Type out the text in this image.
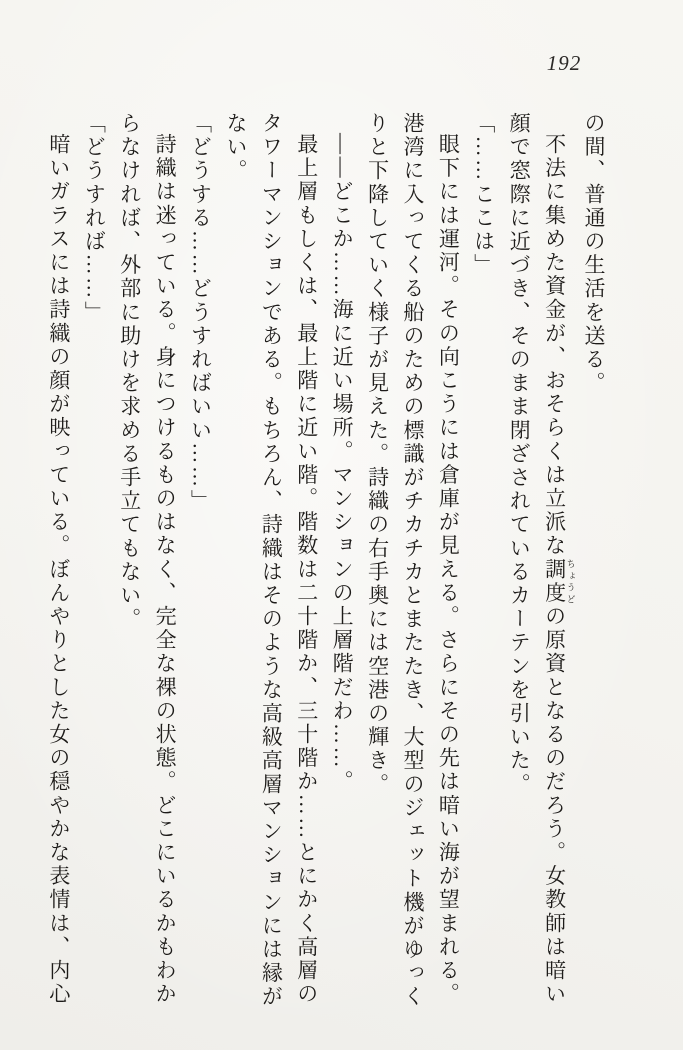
192

の間、普通の生活を送る。

不法に集めた資金が、おそらくは立派な調度 ちょうどの原資となるのだろう。女教師は暗い顔で窓際に近づき、そのまま閉ざされているカーテンを引いた。

「……ここは」

眼下には運河。その向こうには倉庫が見える。さらにその先は暗い海が望まれる。港湾に入ってくる船のための標識がチカチカとまたたき、大型のジェット機がゆっくりと下降していく様子が見えた。詩織の右手奥には空港の輝き。

――どこか……海に近い場所。マンションの上層階だわ……。

最上層もしくは、最上階に近い階。階数は二十階か、三十階か……とにかく高層のタワーマンションである。もちろん、詩織はそのような高級高層マンションには縁がない。

「どうする……どうすればいい……」

詩織は迷っている。身につけるものはなく、完全な裸の状態。どこにいるかもわからなければ、外部に助けを求める手立てもない。

「どうすれば……」

暗いガラスには詩織の顔が映っている。ぼんやりとした女の穏やかな表情は、内心
